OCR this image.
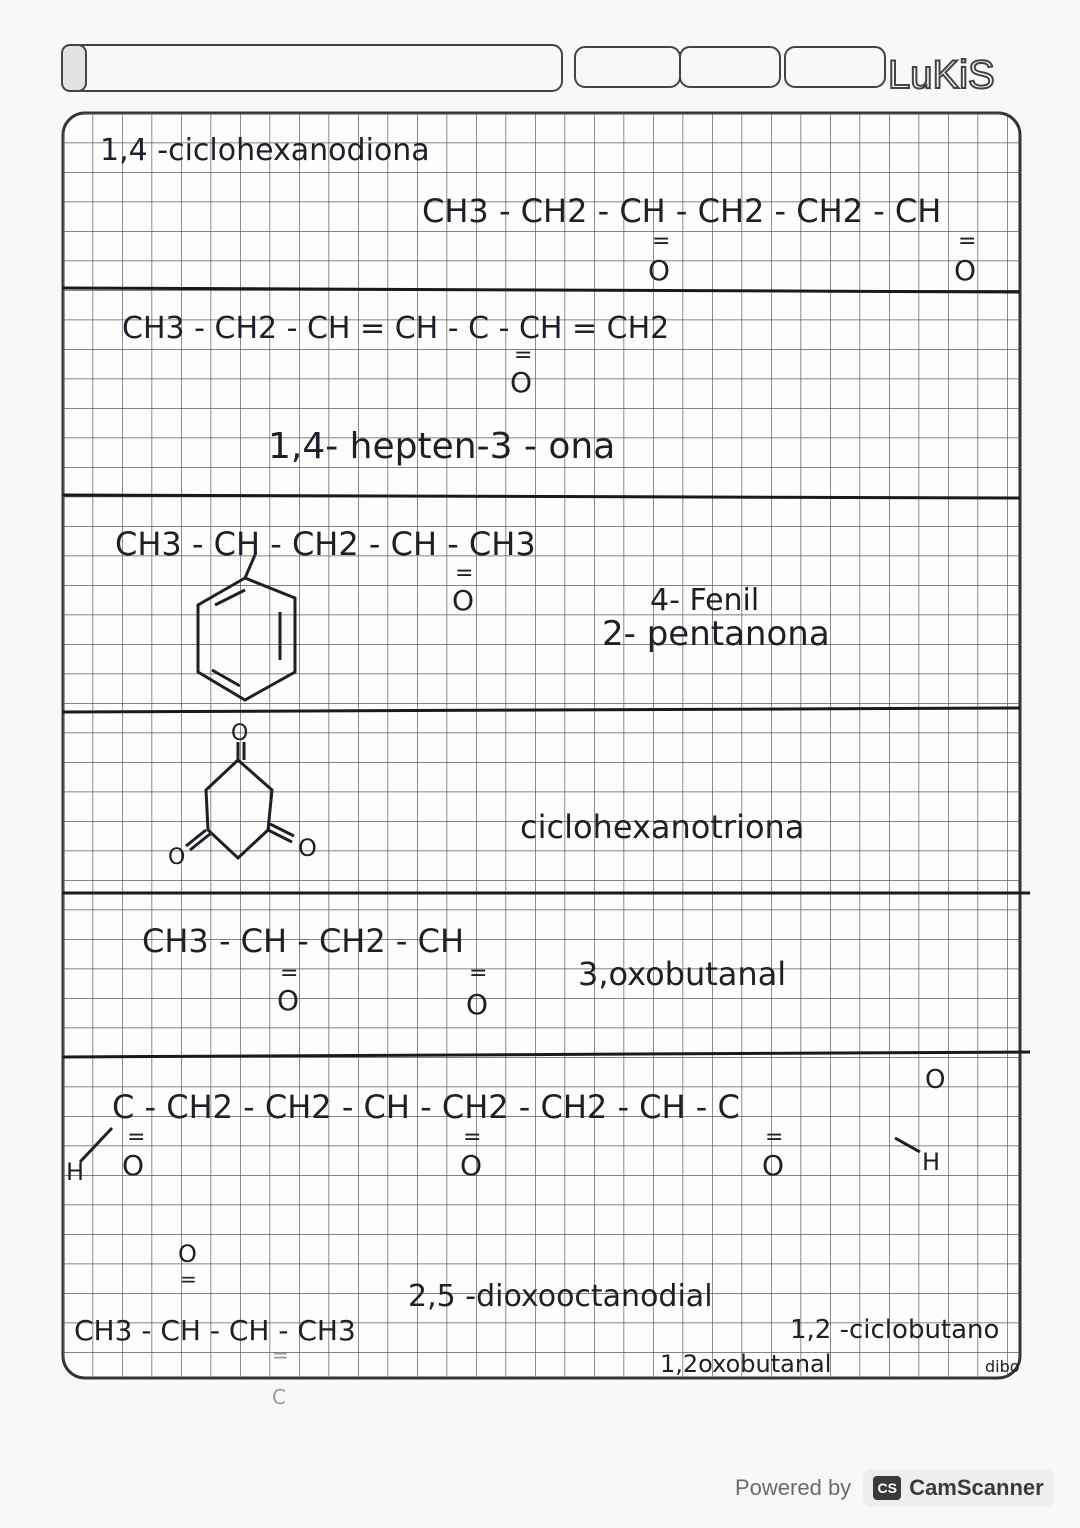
LuKiS
1,4 -ciclohexanodiona
CH3 - CH2 - CH - CH2 - CH2 - CH
=
O
=
O
CH3 - CH2 - CH = CH - C - CH = CH2
=
O
1,4- hepten-3 - ona
CH3 - CH - CH2 - CH - CH3
=
O	4- Fenil
2- pentanona
O
O	O
ciclohexanotriona
CH3 - CH - CH2 - CH
=
O
=
O
3,oxobutanal
H
C - CH2 - CH2 - CH - CH2 - CH2 - CH - C
O
H
=
O
=
O
=
O
O
=
CH3 - CH - CH - CH3
=
C
2,5 -dioxooctanodial
1,2 -ciclobutano
1,2oxobutanal	dibo
Powered by	CS CamScanner
